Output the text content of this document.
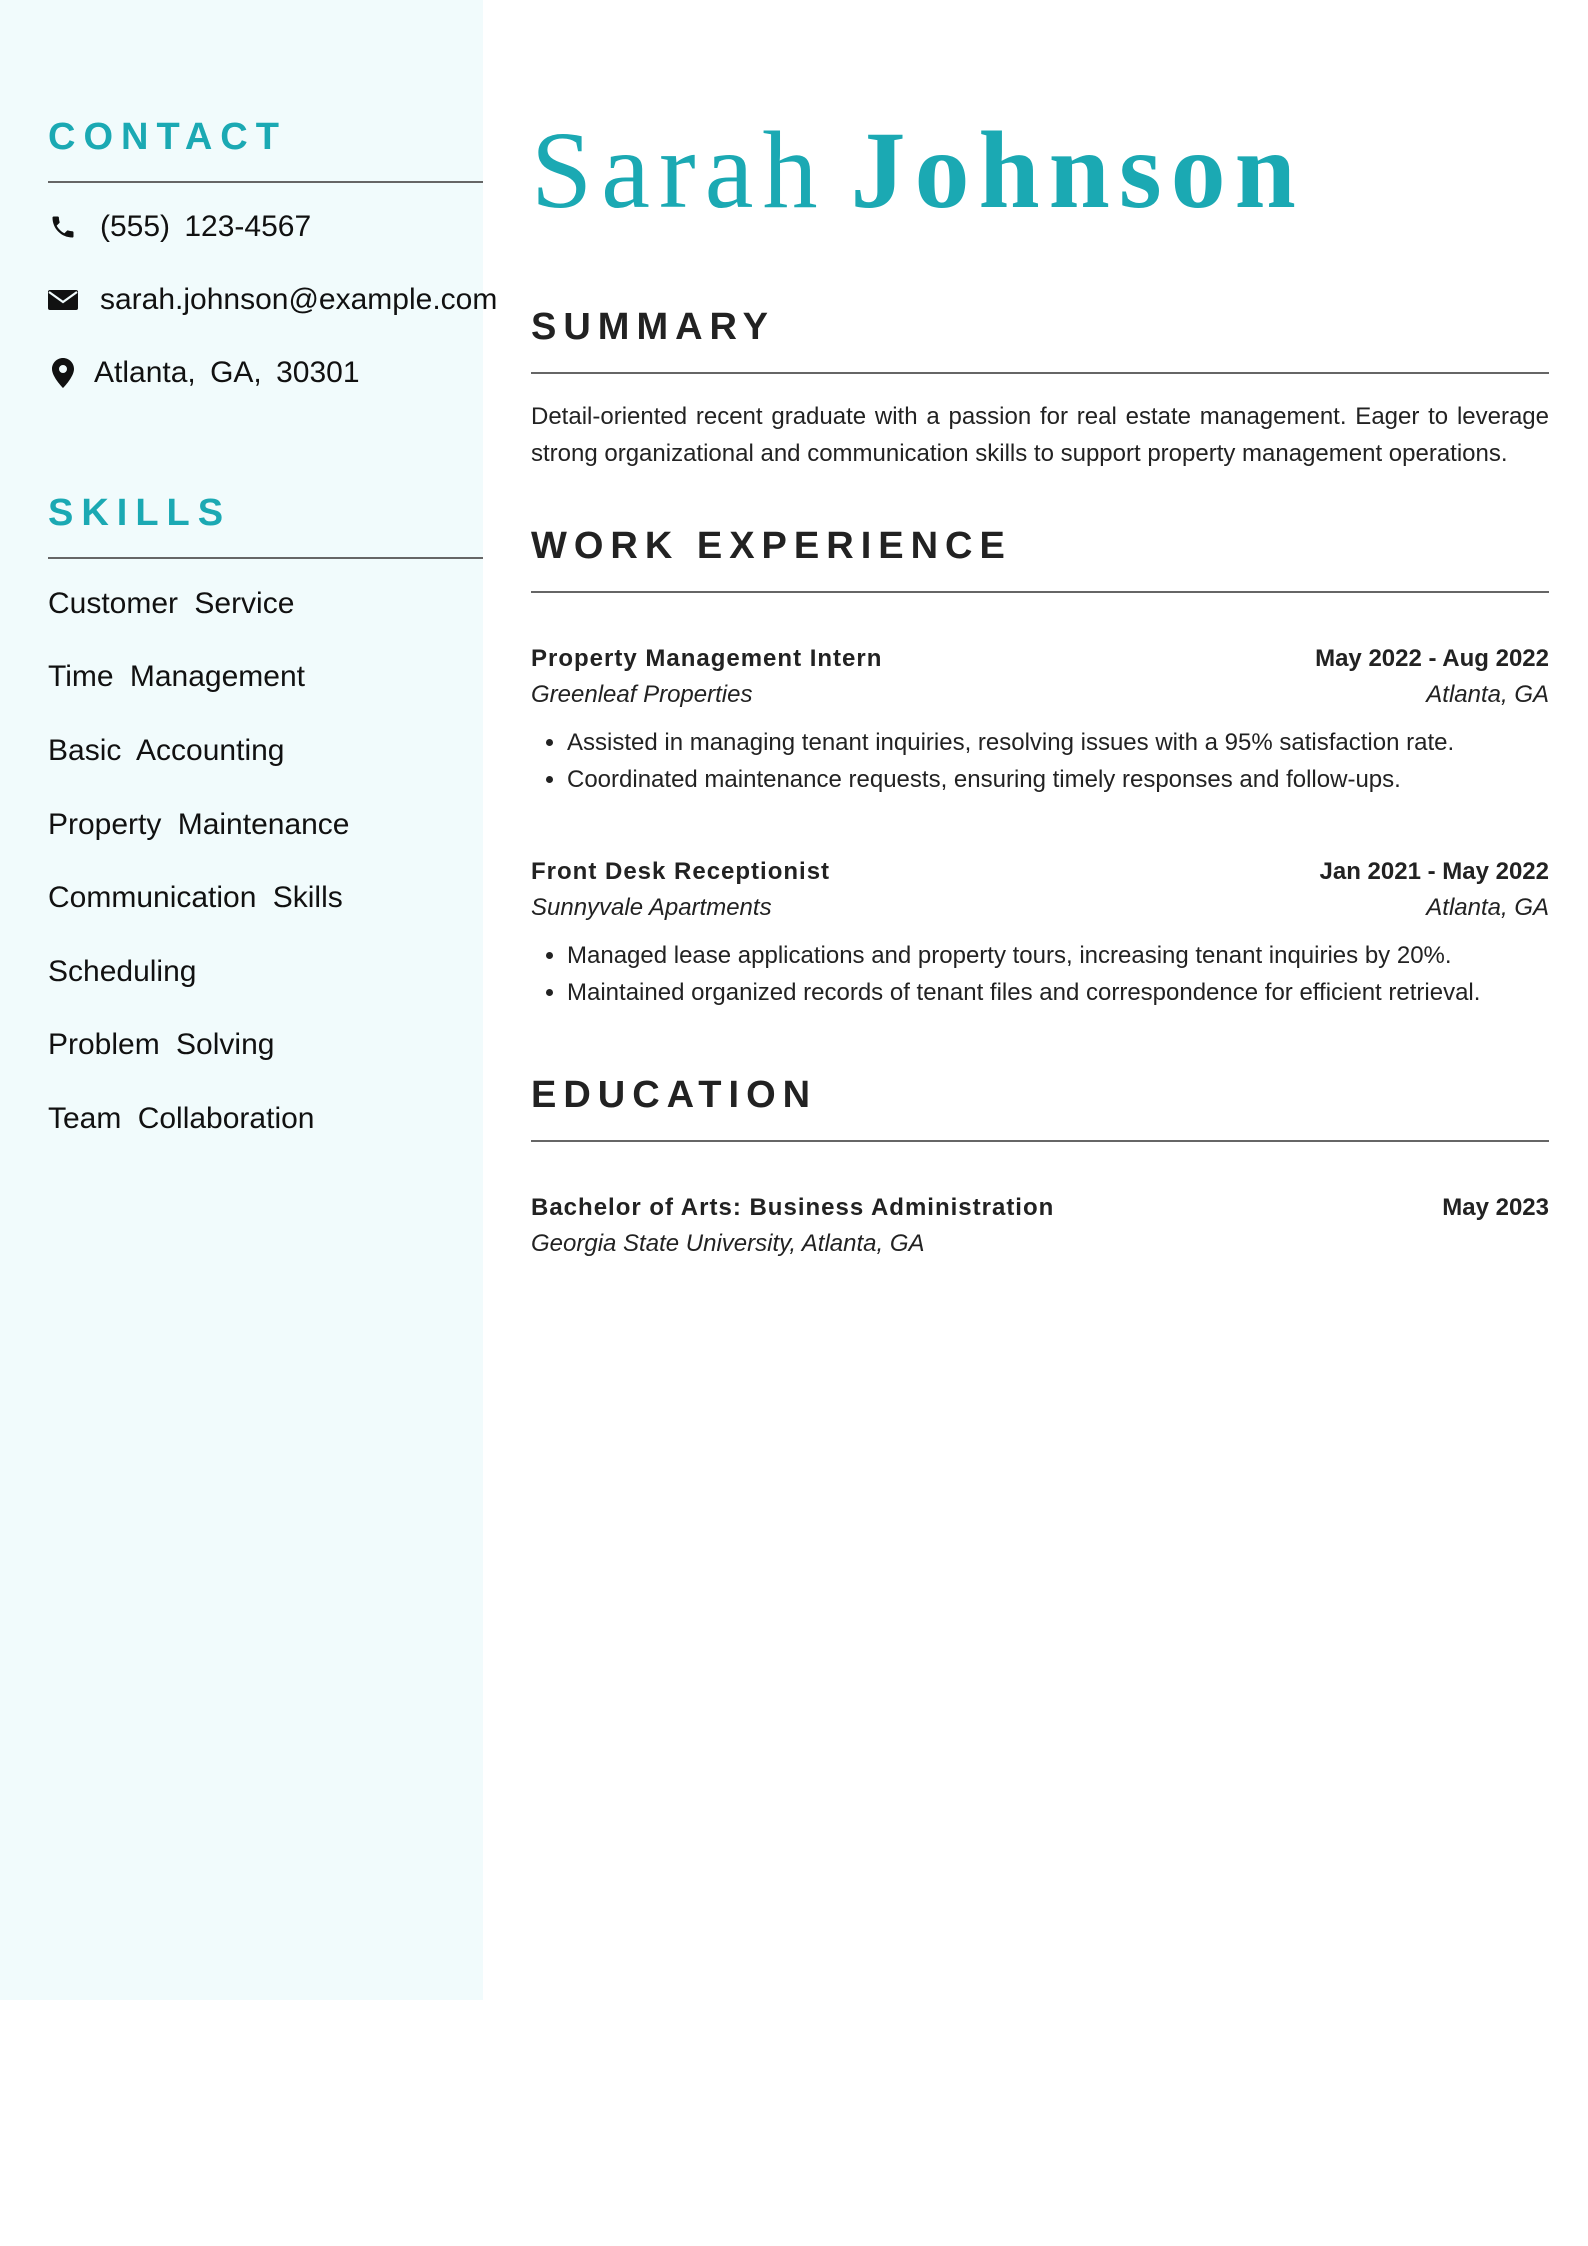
CONTACT
(555) 123-4567
sarah.johnson@example.com
Atlanta, GA, 30301
SKILLS
Customer Service
Time Management
Basic Accounting
Property Maintenance
Communication Skills
Scheduling
Problem Solving
Team Collaboration
Sarah Johnson
SUMMARY

Detail-oriented recent graduate with a passion for real estate management. Eager to leverage strong organizational and communication skills to support property management operations.

WORK EXPERIENCE
Property Management Intern	May 2022 - Aug 2022
Greenleaf Properties	Atlanta, GA
• Assisted in managing tenant inquiries, resolving issues with a 95% satisfaction rate.
• Coordinated maintenance requests, ensuring timely responses and follow-ups.
Front Desk Receptionist	Jan 2021 - May 2022
Sunnyvale Apartments	Atlanta, GA
• Managed lease applications and property tours, increasing tenant inquiries by 20%.
• Maintained organized records of tenant files and correspondence for efficient retrieval.
EDUCATION
Bachelor of Arts: Business Administration	May 2023
Georgia State University, Atlanta, GA
